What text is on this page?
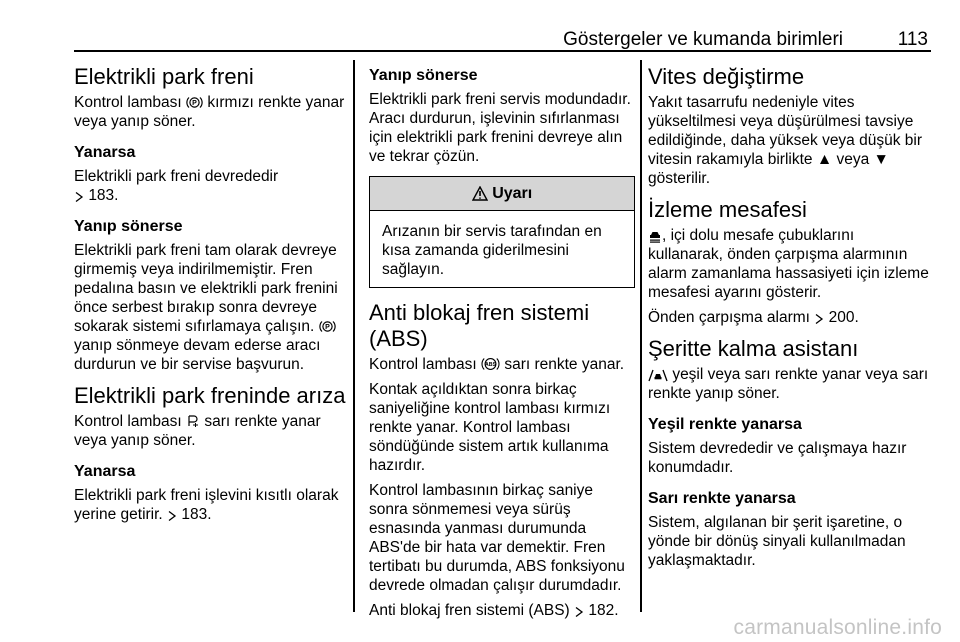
Göstergeler ve kumanda birimleri	113
Elektrikli park freni
Kontrol lambası P kırmızı renkte yanar veya yanıp söner.
Yanarsa
Elektrikli park freni devrededir
183.
Yanıp sönerse
Elektrikli park freni tam olarak devreye girmemiş veya indirilmemiştir. Fren pedalına basın ve elektrikli park frenini önce serbest bırakıp sonra devreye sokarak sistemi sıfırlamaya çalışın. P
yanıp sönmeye devam ederse aracı durdurun ve bir servise başvurun.
Elektrikli park freninde arıza
Kontrol lambası sarı renkte yanar veya yanıp söner.
Yanarsa
Elektrikli park freni işlevini kısıtlı olarak yerine getirir. 183.
Yanıp sönerse
Elektrikli park freni servis modundadır. Aracı durdurun, işlevinin sıfırlanması için elektrikli park frenini devreye alın ve tekrar çözün.
Uyarı
Arızanın bir servis tarafından en kısa zamanda giderilmesini sağlayın.
Anti blokaj fren sistemi (ABS)
Kontrol lambası ABS sarı renkte yanar.
Kontak açıldıktan sonra birkaç saniyeliğine kontrol lambası kırmızı renkte yanar. Kontrol lambası söndüğünde sistem artık kullanıma hazırdır.
Kontrol lambasının birkaç saniye sonra sönmemesi veya sürüş esnasında yanması durumunda ABS'de bir hata var demektir. Fren tertibatı bu durumda, ABS fonksiyonu devrede olmadan çalışır durumdadır.
Anti blokaj fren sistemi (ABS) 182.
Vites değiştirme
Yakıt tasarrufu nedeniyle vites yükseltilmesi veya düşürülmesi tavsiye edildiğinde, daha yüksek veya düşük bir vitesin rakamıyla birlikte ▲ veya ▼ gösterilir.
İzleme mesafesi
, içi dolu mesafe çubuklarını kullanarak, önden çarpışma alarmının alarm zamanlama hassasiyeti için izleme mesafesi ayarını gösterir.
Önden çarpışma alarmı 200.
Şeritte kalma asistanı
yeşil veya sarı renkte yanar veya sarı renkte yanıp söner.
Yeşil renkte yanarsa
Sistem devrededir ve çalışmaya hazır konumdadır.
Sarı renkte yanarsa
Sistem, algılanan bir şerit işaretine, o yönde bir dönüş sinyali kullanılmadan yaklaşmaktadır.
carmanualsonline.info
